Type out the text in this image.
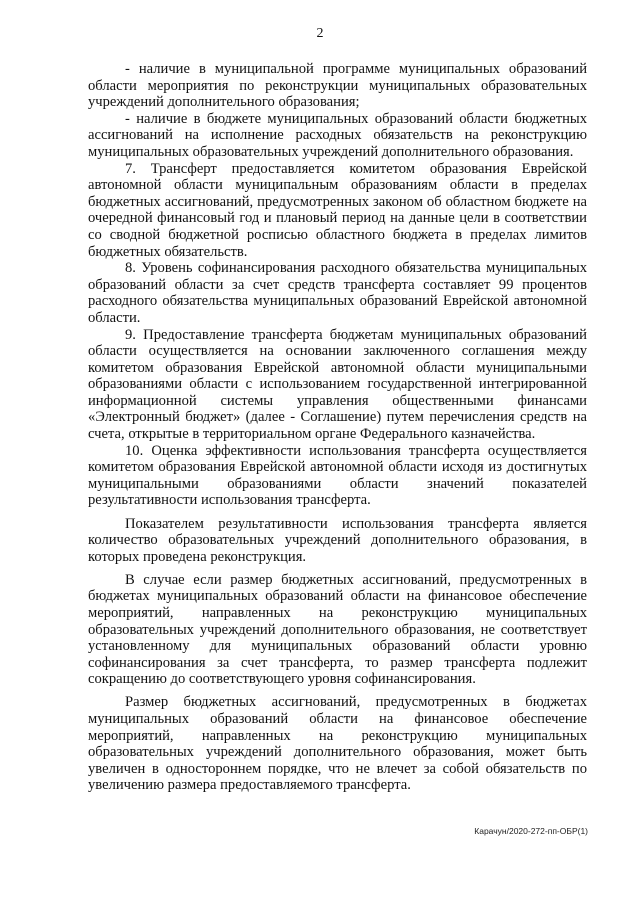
2

- наличие в муниципальной программе муниципальных образований области мероприятия по реконструкции муниципальных образовательных учреждений дополнительного образования;

- наличие в бюджете муниципальных образований области бюджетных ассигнований на исполнение расходных обязательств на реконструкцию муниципальных образовательных учреждений дополнительного образования.

7. Трансферт предоставляется комитетом образования Еврейской автономной области муниципальным образованиям области в пределах бюджетных ассигнований, предусмотренных законом об областном бюджете на очередной финансовый год и плановый период на данные цели в соответствии со сводной бюджетной росписью областного бюджета в пределах лимитов бюджетных обязательств.

8. Уровень софинансирования расходного обязательства муниципальных образований области за счет средств трансферта составляет 99 процентов расходного обязательства муниципальных образований Еврейской автономной области.

9. Предоставление трансферта бюджетам муниципальных образований области осуществляется на основании заключенного соглашения между комитетом образования Еврейской автономной области муниципальными образованиями области с использованием государственной интегрированной информационной системы управления общественными финансами «Электронный бюджет» (далее - Соглашение) путем перечисления средств на счета, открытые в территориальном органе Федерального казначейства.

10. Оценка эффективности использования трансферта осуществляется комитетом образования Еврейской автономной области исходя из достигнутых муниципальными образованиями области значений показателей результативности использования трансферта.

Показателем результативности использования трансферта является количество образовательных учреждений дополнительного образования, в которых проведена реконструкция.

В случае если размер бюджетных ассигнований, предусмотренных в бюджетах муниципальных образований области на финансовое обеспечение мероприятий, направленных на реконструкцию муниципальных образовательных учреждений дополнительного образования, не соответствует установленному для муниципальных образований области уровню софинансирования за счет трансферта, то размер трансферта подлежит сокращению до соответствующего уровня софинансирования.

Размер бюджетных ассигнований, предусмотренных в бюджетах муниципальных образований области на финансовое обеспечение мероприятий, направленных на реконструкцию муниципальных образовательных учреждений дополнительного образования, может быть увеличен в одностороннем порядке, что не влечет за собой обязательств по увеличению размера предоставляемого трансферта.

Карачун/2020-272-пп-ОБР(1)
